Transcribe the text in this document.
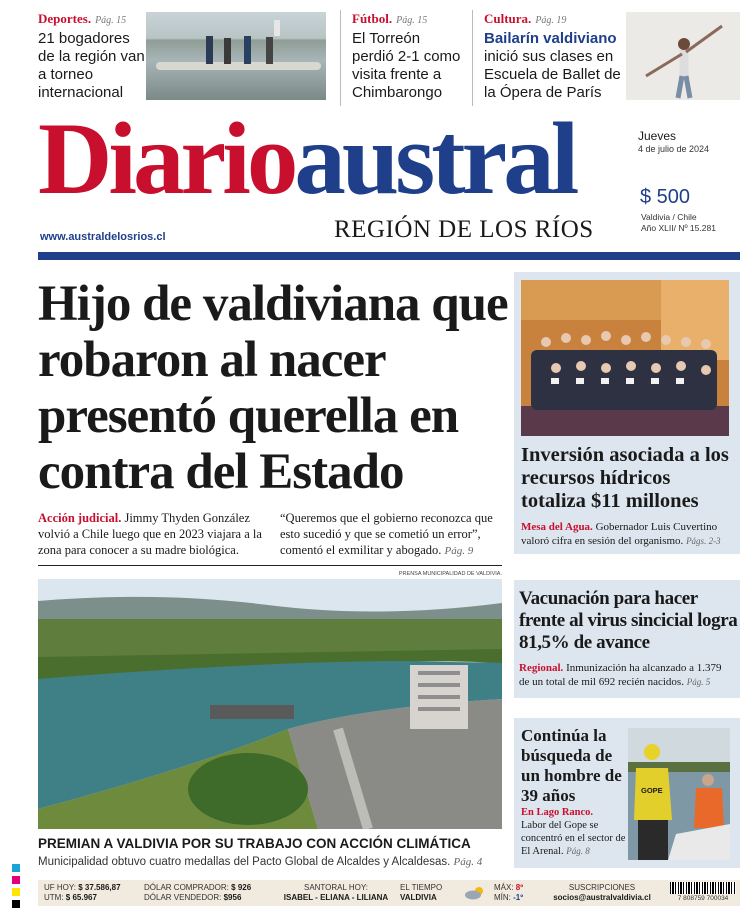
Deportes. Pág. 15
21 bogadores de la región van a torneo internacional
Fútbol. Pág. 15
El Torreón perdió 2-1 como visita frente a Chimbarongo
Cultura. Pág. 19
Bailarín valdiviano inició sus clases en Escuela de Ballet de la Ópera de París
Diarioaustral
REGIÓN DE LOS RÍOS
www.australdelosrios.cl
Jueves
4 de julio de 2024
$ 500
Valdivia / Chile
Año XLII/ Nº 15.281
Hijo de valdiviana que robaron al nacer presentó querella en contra del Estado
Acción judicial. Jimmy Thyden González volvió a Chile luego que en 2023 viajara a la zona para conocer a su madre biológica.
“Queremos que el gobierno reconozca que esto sucedió y que se cometió un error”, comentó el exmilitar y abogado. Pág. 9
PRENSA MUNICIPALIDAD DE VALDIVIA.
PREMIAN A VALDIVIA POR SU TRABAJO CON ACCIÓN CLIMÁTICA
Municipalidad obtuvo cuatro medallas del Pacto Global de Alcaldes y Alcaldesas. Pág. 4
Inversión asociada a los recursos hídricos totaliza $11 millones
Mesa del Agua. Gobernador Luis Cuvertino valoró cifra en sesión del organismo. Págs. 2-3
Vacunación para hacer frente al virus sincicial logra 81,5% de avance
Regional. Inmunización ha alcanzado a 1.379 de un total de mil 692 recién nacidos. Pág. 5
Continúa la búsqueda de un hombre de 39 años
En Lago Ranco.
Labor del Gope se concentró en el sector de El Arenal. Pág. 8
GOPE
UF HOY: $ 37.586,87
UTM: $ 65.967
DÓLAR COMPRADOR: $ 926
DÓLAR VENDEDOR: $956
SANTORAL HOY:
ISABEL - ELIANA - LILIANA
EL TIEMPO
VALDIVIA
MÁX: 8º
MÍN: -1º
SUSCRIPCIONES
socios@australvaldivia.cl	7 808759 700034
